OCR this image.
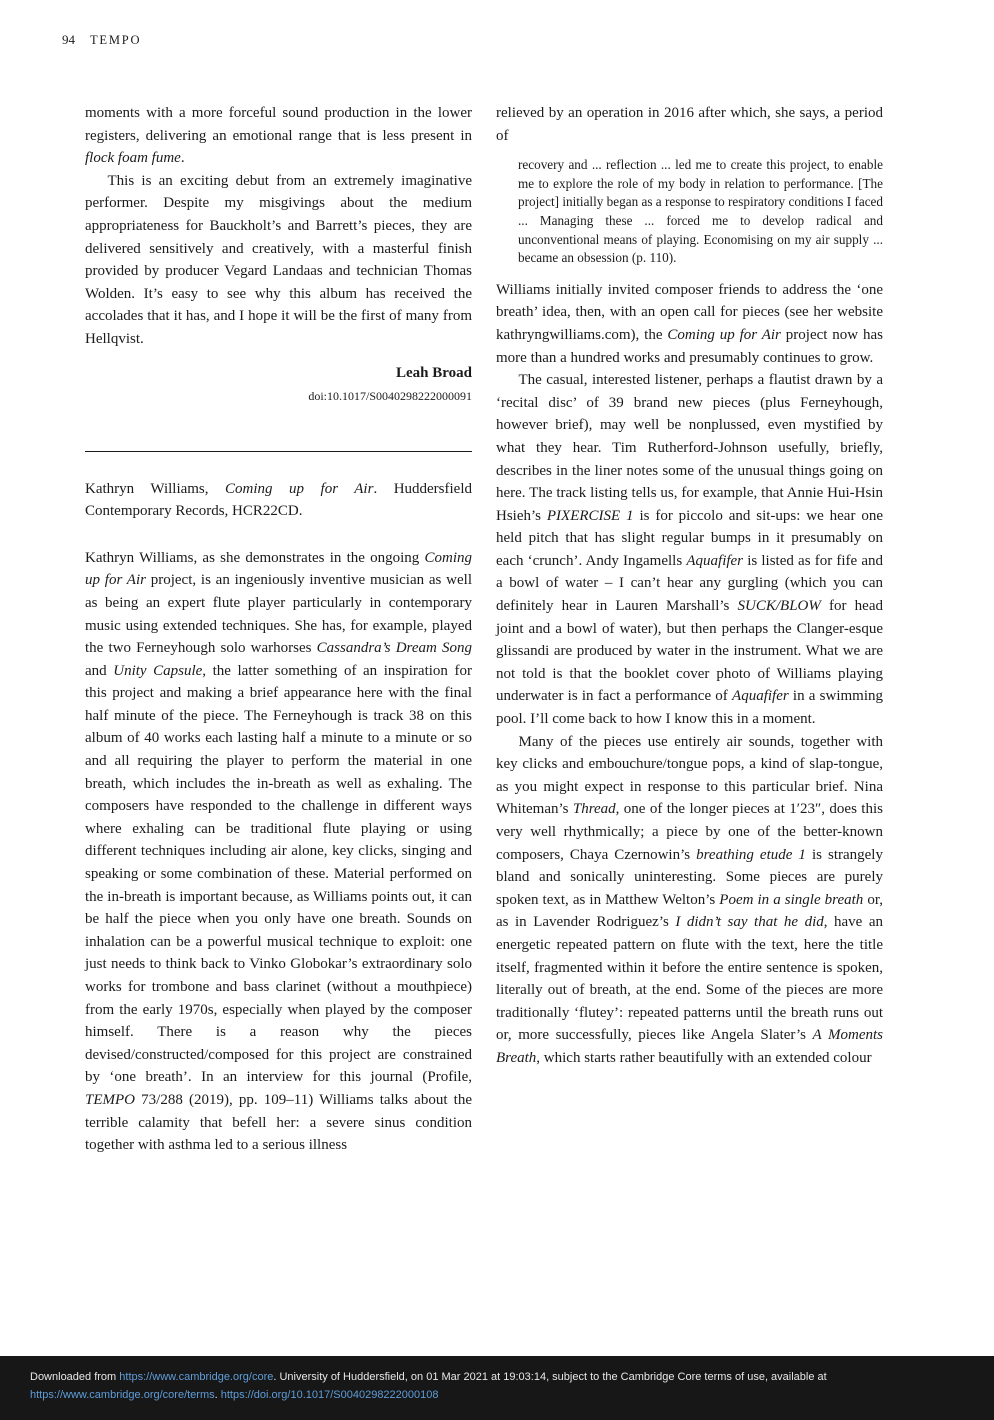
94 TEMPO

moments with a more forceful sound production in the lower registers, delivering an emotional range that is less present in flock foam fume.

This is an exciting debut from an extremely imaginative performer. Despite my misgivings about the medium appropriateness for Bauckholt’s and Barrett’s pieces, they are delivered sensitively and creatively, with a masterful finish provided by producer Vegard Landaas and technician Thomas Wolden. It’s easy to see why this album has received the accolades that it has, and I hope it will be the first of many from Hellqvist.

Leah Broad
doi:10.1017/S0040298222000091

Kathryn Williams, Coming up for Air. Huddersfield Contemporary Records, HCR22CD.

Kathryn Williams, as she demonstrates in the ongoing Coming up for Air project, is an ingeniously inventive musician as well as being an expert flute player particularly in contemporary music using extended techniques. She has, for example, played the two Ferneyhough solo warhorses Cassandra’s Dream Song and Unity Capsule, the latter something of an inspiration for this project and making a brief appearance here with the final half minute of the piece. The Ferneyhough is track 38 on this album of 40 works each lasting half a minute to a minute or so and all requiring the player to perform the material in one breath, which includes the in-breath as well as exhaling. The composers have responded to the challenge in different ways where exhaling can be traditional flute playing or using different techniques including air alone, key clicks, singing and speaking or some combination of these. Material performed on the in-breath is important because, as Williams points out, it can be half the piece when you only have one breath. Sounds on inhalation can be a powerful musical technique to exploit: one just needs to think back to Vinko Globokar’s extraordinary solo works for trombone and bass clarinet (without a mouthpiece) from the early 1970s, especially when played by the composer himself. There is a reason why the pieces devised/constructed/composed for this project are constrained by ‘one breath’. In an interview for this journal (Profile, TEMPO 73/288 (2019), pp. 109–11) Williams talks about the terrible calamity that befell her: a severe sinus condition together with asthma led to a serious illness

relieved by an operation in 2016 after which, she says, a period of

recovery and ... reflection ... led me to create this project, to enable me to explore the role of my body in relation to performance. [The project] initially began as a response to respiratory conditions I faced ... Managing these ... forced me to develop radical and unconventional means of playing. Economising on my air supply ... became an obsession (p. 110).

Williams initially invited composer friends to address the ‘one breath’ idea, then, with an open call for pieces (see her website kathryngwilliams.com), the Coming up for Air project now has more than a hundred works and presumably continues to grow.

The casual, interested listener, perhaps a flautist drawn by a ‘recital disc’ of 39 brand new pieces (plus Ferneyhough, however brief), may well be nonplussed, even mystified by what they hear. Tim Rutherford-Johnson usefully, briefly, describes in the liner notes some of the unusual things going on here. The track listing tells us, for example, that Annie Hui-Hsin Hsieh’s PIXERCISE 1 is for piccolo and sit-ups: we hear one held pitch that has slight regular bumps in it presumably on each ‘crunch’. Andy Ingamells Aquafifer is listed as for fife and a bowl of water – I can’t hear any gurgling (which you can definitely hear in Lauren Marshall’s SUCK/BLOW for head joint and a bowl of water), but then perhaps the Clanger-esque glissandi are produced by water in the instrument. What we are not told is that the booklet cover photo of Williams playing underwater is in fact a performance of Aquafifer in a swimming pool. I’ll come back to how I know this in a moment.

Many of the pieces use entirely air sounds, together with key clicks and embouchure/tongue pops, a kind of slap-tongue, as you might expect in response to this particular brief. Nina Whiteman’s Thread, one of the longer pieces at 1′23″, does this very well rhythmically; a piece by one of the better-known composers, Chaya Czernowin’s breathing etude 1 is strangely bland and sonically uninteresting. Some pieces are purely spoken text, as in Matthew Welton’s Poem in a single breath or, as in Lavender Rodriguez’s I didn’t say that he did, have an energetic repeated pattern on flute with the text, here the title itself, fragmented within it before the entire sentence is spoken, literally out of breath, at the end. Some of the pieces are more traditionally ‘flutey’: repeated patterns until the breath runs out or, more successfully, pieces like Angela Slater’s A Moments Breath, which starts rather beautifully with an extended colour

Downloaded from https://www.cambridge.org/core. University of Huddersfield, on 01 Mar 2021 at 19:03:14, subject to the Cambridge Core terms of use, available at
https://www.cambridge.org/core/terms. https://doi.org/10.1017/S0040298222000108
